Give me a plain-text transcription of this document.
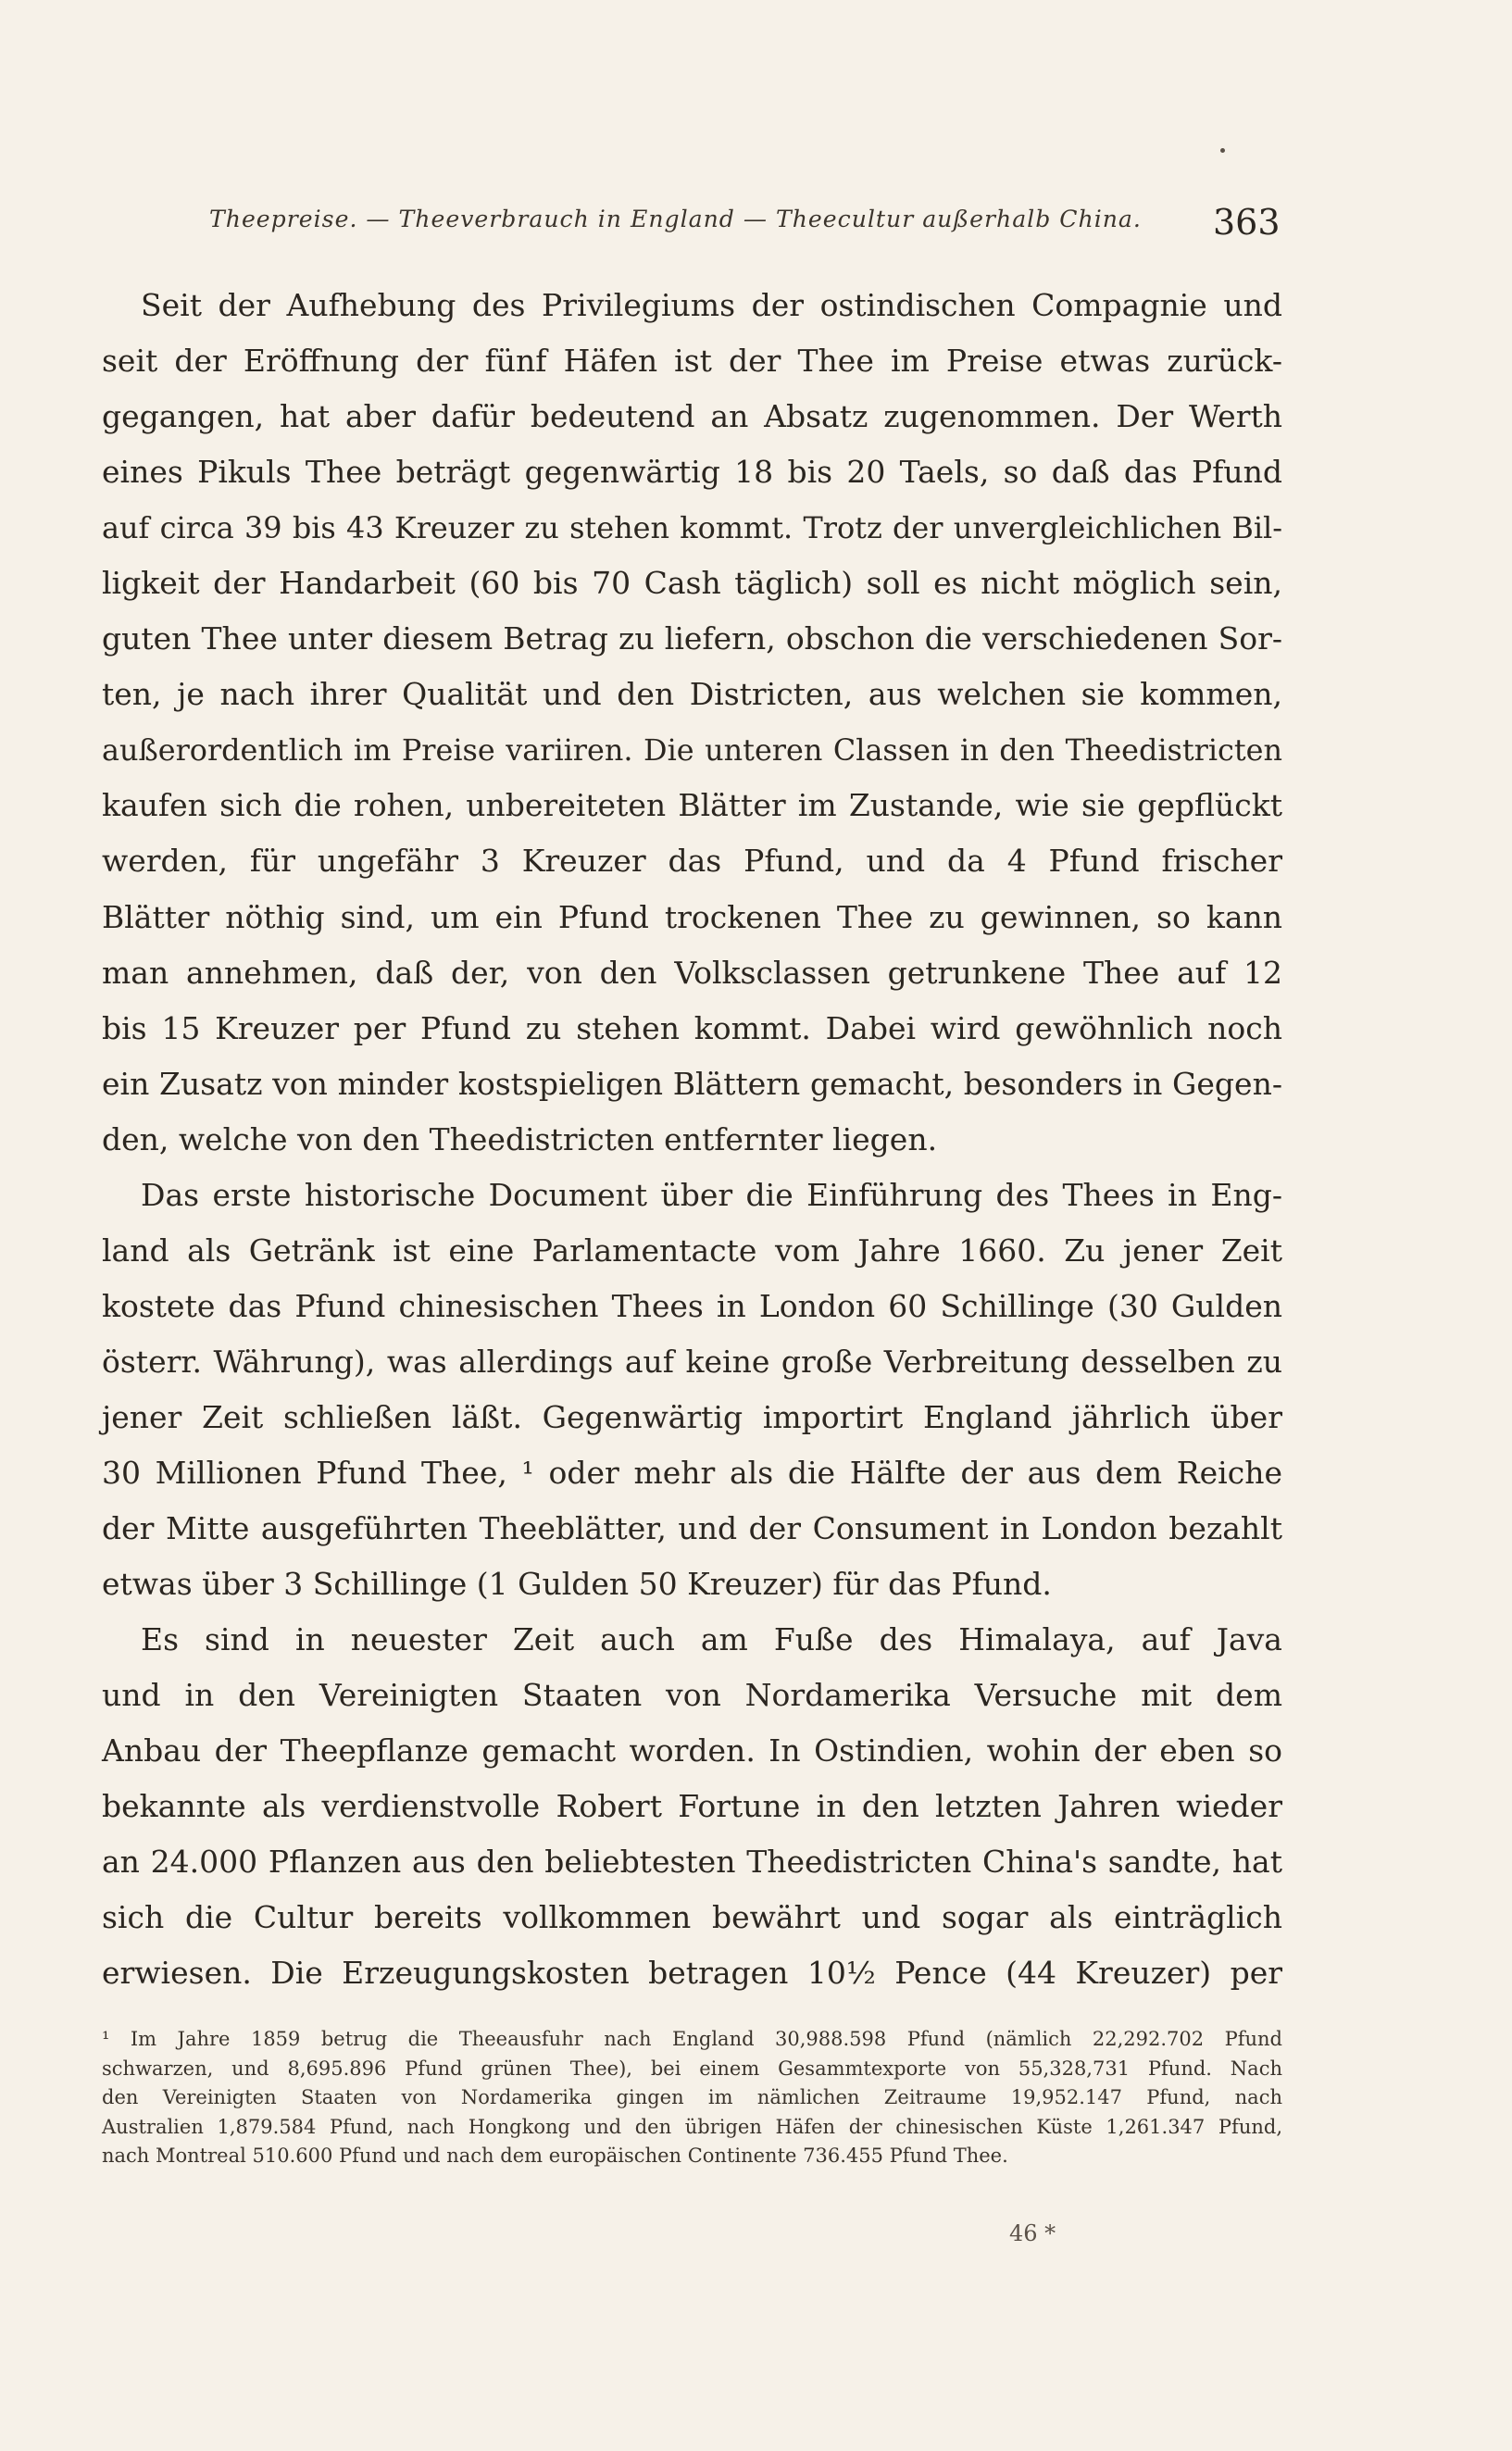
Theepreise. — Theeverbrauch in England — Theecultur außerhalb China. 363
Seit der Aufhebung des Privilegiums der ostindischen Compagnie und
seit der Eröffnung der fünf Häfen ist der Thee im Preise etwas zurück-
gegangen, hat aber dafür bedeutend an Absatz zugenommen. Der Werth
eines Pikuls Thee beträgt gegenwärtig 18 bis 20 Taels, so daß das Pfund
auf circa 39 bis 43 Kreuzer zu stehen kommt. Trotz der unvergleichlichen Bil-
ligkeit der Handarbeit (60 bis 70 Cash täglich) soll es nicht möglich sein,
guten Thee unter diesem Betrag zu liefern, obschon die verschiedenen Sor-
ten, je nach ihrer Qualität und den Districten, aus welchen sie kommen,
außerordentlich im Preise variiren. Die unteren Classen in den Theedistricten
kaufen sich die rohen, unbereiteten Blätter im Zustande, wie sie gepflückt
werden, für ungefähr 3 Kreuzer das Pfund, und da 4 Pfund frischer
Blätter nöthig sind, um ein Pfund trockenen Thee zu gewinnen, so kann
man annehmen, daß der, von den Volksclassen getrunkene Thee auf 12
bis 15 Kreuzer per Pfund zu stehen kommt. Dabei wird gewöhnlich noch
ein Zusatz von minder kostspieligen Blättern gemacht, besonders in Gegen-
den, welche von den Theedistricten entfernter liegen.
Das erste historische Document über die Einführung des Thees in Eng-
land als Getränk ist eine Parlamentacte vom Jahre 1660. Zu jener Zeit
kostete das Pfund chinesischen Thees in London 60 Schillinge (30 Gulden
österr. Währung), was allerdings auf keine große Verbreitung desselben zu
jener Zeit schließen läßt. Gegenwärtig importirt England jährlich über
30 Millionen Pfund Thee, ¹ oder mehr als die Hälfte der aus dem Reiche
der Mitte ausgeführten Theeblätter, und der Consument in London bezahlt
etwas über 3 Schillinge (1 Gulden 50 Kreuzer) für das Pfund.
Es sind in neuester Zeit auch am Fuße des Himalaya, auf Java
und in den Vereinigten Staaten von Nordamerika Versuche mit dem
Anbau der Theepflanze gemacht worden. In Ostindien, wohin der eben so
bekannte als verdienstvolle Robert Fortune in den letzten Jahren wieder
an 24.000 Pflanzen aus den beliebtesten Theedistricten China's sandte, hat
sich die Cultur bereits vollkommen bewährt und sogar als einträglich
erwiesen. Die Erzeugungskosten betragen 10½ Pence (44 Kreuzer) per
¹ Im Jahre 1859 betrug die Theeausfuhr nach England 30,988.598 Pfund (nämlich 22,292.702 Pfund
schwarzen, und 8,695.896 Pfund grünen Thee), bei einem Gesammtexporte von 55,328,731 Pfund. Nach
den Vereinigten Staaten von Nordamerika gingen im nämlichen Zeitraume 19,952.147 Pfund, nach
Australien 1,879.584 Pfund, nach Hongkong und den übrigen Häfen der chinesischen Küste 1,261.347 Pfund,
nach Montreal 510.600 Pfund und nach dem europäischen Continente 736.455 Pfund Thee.
46 *
